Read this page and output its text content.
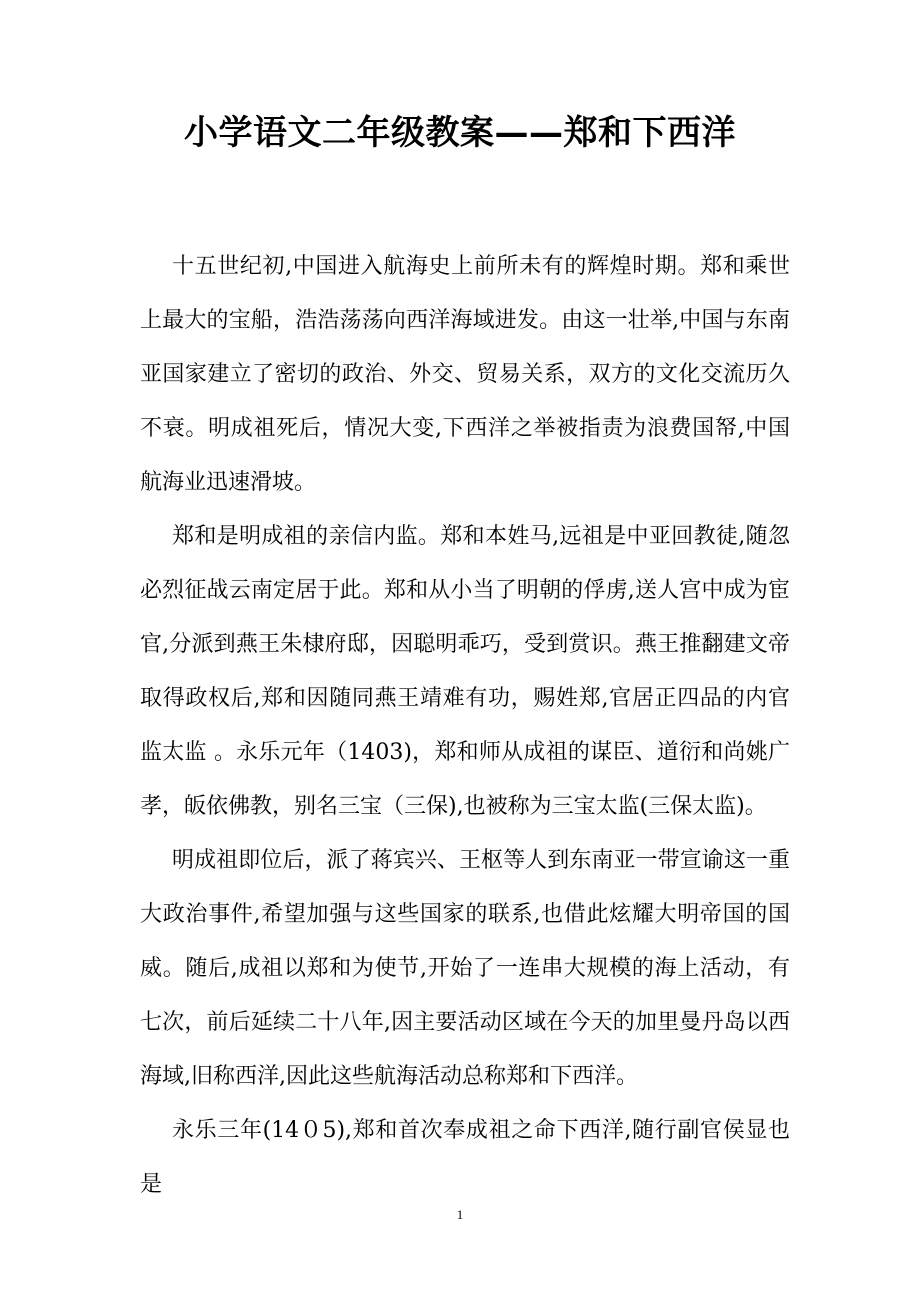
小学语文二年级教案——郑和下西洋

十五世纪初,中国进入航海史上前所未有的辉煌时期。郑和乘世上最大的宝船，浩浩荡荡向西洋海域进发。由这一壮举,中国与东南亚国家建立了密切的政治、外交、贸易关系，双方的文化交流历久不衰。明成祖死后，情况大变,下西洋之举被指责为浪费国帑,中国航海业迅速滑坡。

郑和是明成祖的亲信内监。郑和本姓马,远祖是中亚回教徒,随忽必烈征战云南定居于此。郑和从小当了明朝的俘虏,送人宫中成为宦官,分派到燕王朱棣府邸，因聪明乖巧，受到赏识。燕王推翻建文帝取得政权后,郑和因随同燕王靖难有功，赐姓郑,官居正四品的内官监太监 。永乐元年（1403)，郑和师从成祖的谋臣、道衍和尚姚广孝，皈依佛教，别名三宝（三保),也被称为三宝太监(三保太监)。

明成祖即位后，派了蒋宾兴、王枢等人到东南亚一带宣谕这一重大政治事件,希望加强与这些国家的联系,也借此炫耀大明帝国的国威。随后,成祖以郑和为使节,开始了一连串大规模的海上活动，有七次，前后延续二十八年,因主要活动区域在今天的加里曼丹岛以西海域,旧称西洋,因此这些航海活动总称郑和下西洋。

永乐三年(14０5),郑和首次奉成祖之命下西洋,随行副官侯显也是

1
